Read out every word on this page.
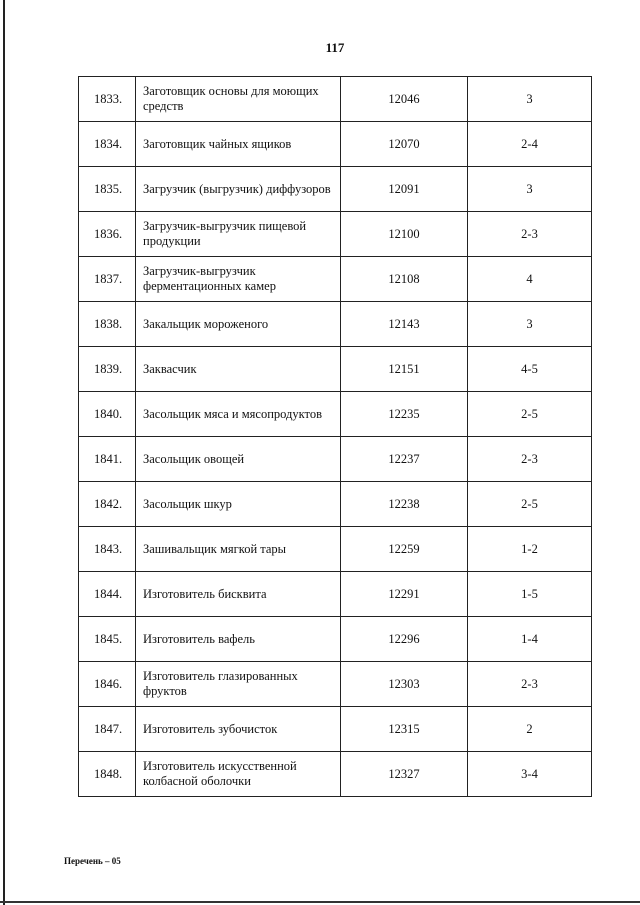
117
1833.	Заготовщик основы для моющих средств	12046	3
1834.	Заготовщик чайных ящиков	12070	2-4
1835.	Загрузчик (выгрузчик) диффузоров	12091	3
1836.	Загрузчик-выгрузчик пищевой продукции	12100	2-3
1837.	Загрузчик-выгрузчик ферментационных камер	12108	4
1838.	Закальщик мороженого	12143	3
1839.	Заквасчик	12151	4-5
1840.	Засольщик мяса и мясопродуктов	12235	2-5
1841.	Засольщик овощей	12237	2-3
1842.	Засольщик шкур	12238	2-5
1843.	Зашивальщик мягкой тары	12259	1-2
1844.	Изготовитель бисквита	12291	1-5
1845.	Изготовитель вафель	12296	1-4
1846.	Изготовитель глазированных фруктов	12303	2-3
1847.	Изготовитель зубочисток	12315	2
1848.	Изготовитель искусственной колбасной оболочки	12327	3-4
Перечень – 05
